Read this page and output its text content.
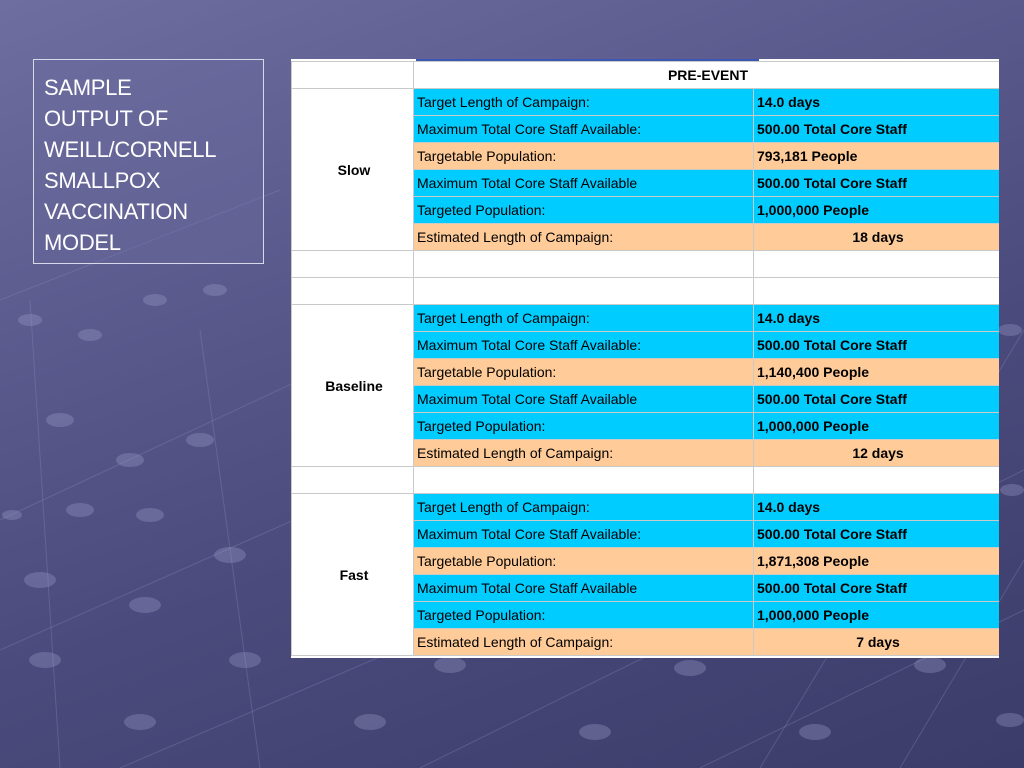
SAMPLE
OUTPUT OF
WEILL/CORNELL
SMALLPOX
VACCINATION
MODEL
	PRE-EVENT	
Slow	Target Length of Campaign:	14.0 days
	Maximum Total Core Staff Available:	500.00 Total Core Staff
	Targetable Population:	793,181 People
	Maximum Total Core Staff Available	500.00 Total Core Staff
	Targeted Population:	1,000,000 People
	Estimated Length of Campaign:	18 days

Baseline	Target Length of Campaign:	14.0 days
	Maximum Total Core Staff Available:	500.00 Total Core Staff
	Targetable Population:	1,140,400 People
	Maximum Total Core Staff Available	500.00 Total Core Staff
	Targeted Population:	1,000,000 People
	Estimated Length of Campaign:	12 days

Fast	Target Length of Campaign:	14.0 days
	Maximum Total Core Staff Available:	500.00 Total Core Staff
	Targetable Population:	1,871,308 People
	Maximum Total Core Staff Available	500.00 Total Core Staff
	Targeted Population:	1,000,000 People
	Estimated Length of Campaign:	7 days
